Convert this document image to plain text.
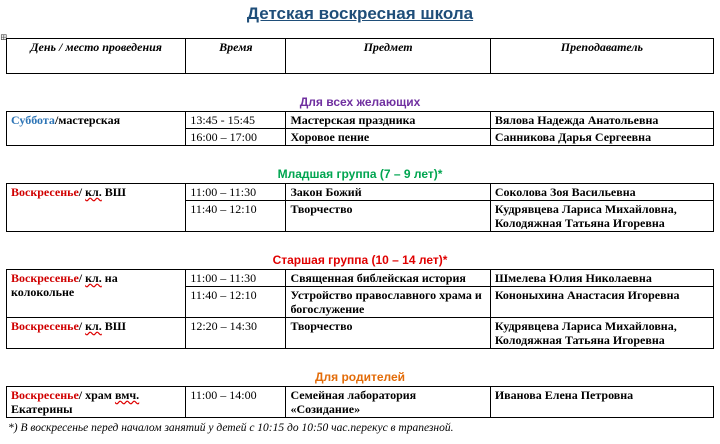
Детская воскресная школа
⊞
День / место проведения	Время	Предмет	Преподаватель
Для всех желающих			
Суббота/мастерская	13:45 - 15:45	Мастерская праздника	Вялова Надежда Анатольевна
	16:00 – 17:00	Хоровое пение	Санникова Дарья Сергеевна
Младшая группа (7 – 9 лет)*			
Воскресенье/ кл. ВШ	11:00 – 11:30	Закон Божий	Соколова Зоя Васильевна
	11:40 – 12:10	Творчество	Кудрявцева Лариса Михайловна, Колодяжная Татьяна Игоревна
Старшая группа (10 – 14 лет)*			
Воскресенье/ кл. на колокольне	11:00 – 11:30	Священная библейская история	Шмелева Юлия Николаевна
	11:40 – 12:10	Устройство православного храма и богослужение	Кононыхина Анастасия Игоревна
Воскресенье/ кл. ВШ	12:20 – 14:30	Творчество	Кудрявцева Лариса Михайловна, Колодяжная Татьяна Игоревна
Для родителей			
Воскресенье/ храм вмч. Екатерины	11:00 – 14:00	Семейная лаборатория «Созидание»	Иванова Елена Петровна
*) В воскресенье перед началом занятий у детей с 10:15 до 10:50 час.перекус в трапезной.
